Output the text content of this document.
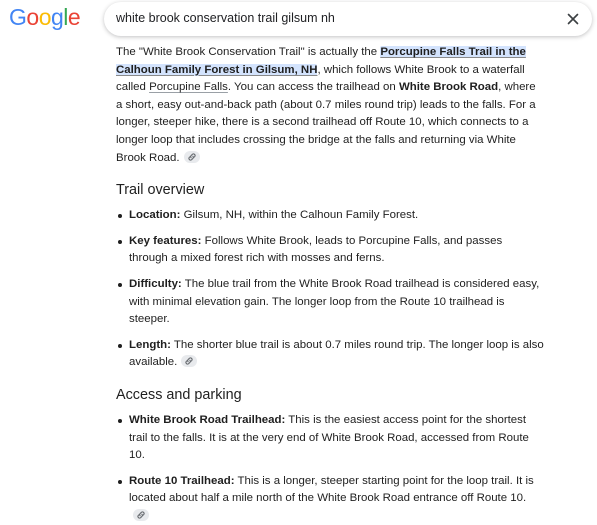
Google	white brook conservation trail gilsum nh

The "White Brook Conservation Trail" is actually the Porcupine Falls Trail in the Calhoun Family Forest in Gilsum, NH, which follows White Brook to a waterfall called Porcupine Falls. You can access the trailhead on White Brook Road, where a short, easy out-and-back path (about 0.7 miles round trip) leads to the falls. For a longer, steeper hike, there is a second trailhead off Route 10, which connects to a longer loop that includes crossing the bridge at the falls and returning via White Brook Road.

Trail overview
Location: Gilsum, NH, within the Calhoun Family Forest.
Key features: Follows White Brook, leads to Porcupine Falls, and passes through a mixed forest rich with mosses and ferns.
Difficulty: The blue trail from the White Brook Road trailhead is considered easy, with minimal elevation gain. The longer loop from the Route 10 trailhead is steeper.
Length: The shorter blue trail is about 0.7 miles round trip. The longer loop is also available.
Access and parking
White Brook Road Trailhead: This is the easiest access point for the shortest trail to the falls. It is at the very end of White Brook Road, accessed from Route 10.
Route 10 Trailhead: This is a longer, steeper starting point for the loop trail. It is located about half a mile north of the White Brook Road entrance off Route 10.
